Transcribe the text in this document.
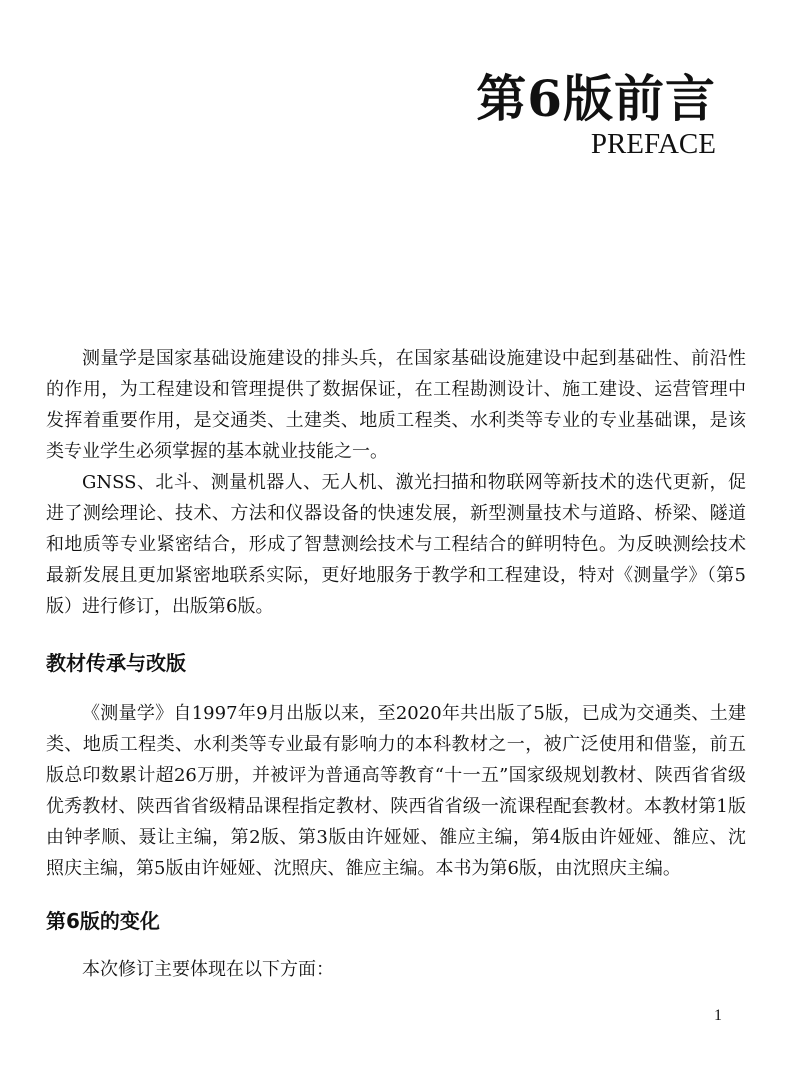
第6版前言
PREFACE

测量学是国家基础设施建设的排头兵，在国家基础设施建设中起到基础性、前沿性的作用，为工程建设和管理提供了数据保证，在工程勘测设计、施工建设、运营管理中发挥着重要作用，是交通类、土建类、地质工程类、水利类等专业的专业基础课，是该类专业学生必须掌握的基本就业技能之一。

GNSS、北斗、测量机器人、无人机、激光扫描和物联网等新技术的迭代更新，促进了测绘理论、技术、方法和仪器设备的快速发展，新型测量技术与道路、桥梁、隧道和地质等专业紧密结合，形成了智慧测绘技术与工程结合的鲜明特色。为反映测绘技术最新发展且更加紧密地联系实际，更好地服务于教学和工程建设，特对《测量学》（第5版）进行修订，出版第6版。

教材传承与改版

《测量学》自1997年9月出版以来，至2020年共出版了5版，已成为交通类、土建类、地质工程类、水利类等专业最有影响力的本科教材之一，被广泛使用和借鉴，前五版总印数累计超26万册，并被评为普通高等教育“十一五”国家级规划教材、陕西省省级优秀教材、陕西省省级精品课程指定教材、陕西省省级一流课程配套教材。本教材第1版由钟孝顺、聂让主编，第2版、第3版由许娅娅、雒应主编，第4版由许娅娅、雒应、沈照庆主编，第5版由许娅娅、沈照庆、雒应主编。本书为第6版，由沈照庆主编。

第6版的变化

本次修订主要体现在以下方面：

1
